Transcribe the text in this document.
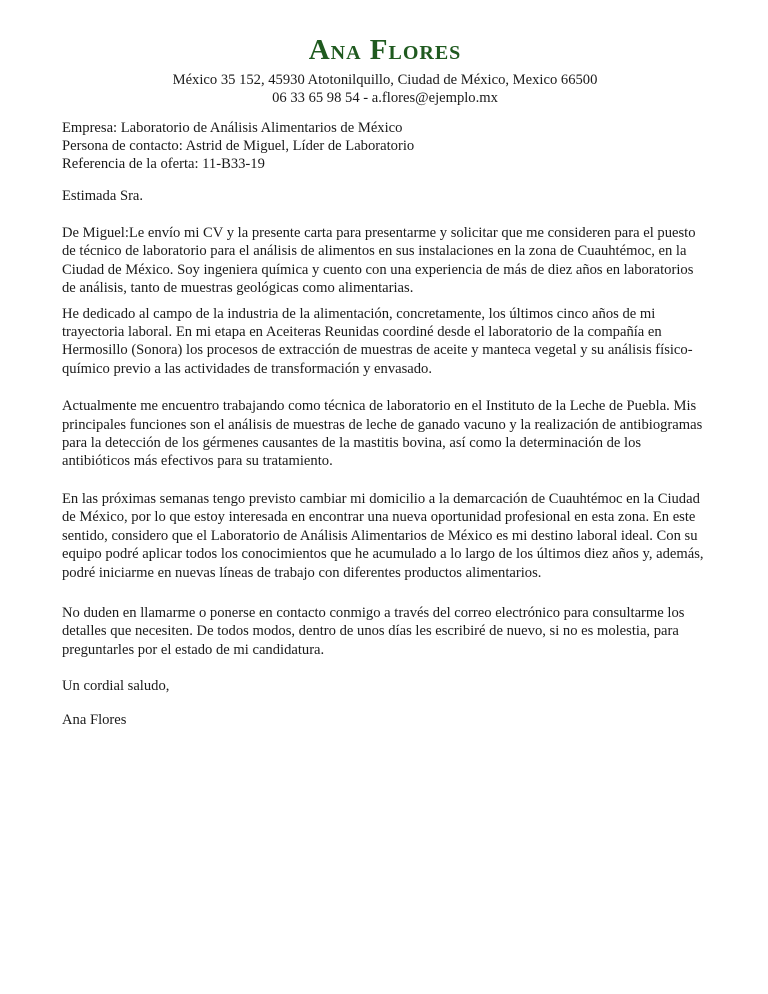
Ana Flores
México 35 152, 45930 Atotonilquillo, Ciudad de México, Mexico 66500
06 33 65 98 54 - a.flores@ejemplo.mx
Empresa: Laboratorio de Análisis Alimentarios de México
Persona de contacto: Astrid de Miguel, Líder de Laboratorio
Referencia de la oferta: 11-B33-19
Estimada Sra.

De Miguel:Le envío mi CV y la presente carta para presentarme y solicitar que me consideren para el puesto de técnico de laboratorio para el análisis de alimentos en sus instalaciones en la zona de Cuauhtémoc, en la Ciudad de México. Soy ingeniera química y cuento con una experiencia de más de diez años en laboratorios de análisis, tanto de muestras geológicas como alimentarias.

He dedicado al campo de la industria de la alimentación, concretamente, los últimos cinco años de mi trayectoria laboral. En mi etapa en Aceiteras Reunidas coordiné desde el laboratorio de la compañía en Hermosillo (Sonora) los procesos de extracción de muestras de aceite y manteca vegetal y su análisis físico-químico previo a las actividades de transformación y envasado.

Actualmente me encuentro trabajando como técnica de laboratorio en el Instituto de la Leche de Puebla. Mis principales funciones son el análisis de muestras de leche de ganado vacuno y la realización de antibiogramas para la detección de los gérmenes causantes de la mastitis bovina, así como la determinación de los antibióticos más efectivos para su tratamiento.

En las próximas semanas tengo previsto cambiar mi domicilio a la demarcación de Cuauhtémoc en la Ciudad de México, por lo que estoy interesada en encontrar una nueva oportunidad profesional en esta zona. En este sentido, considero que el Laboratorio de Análisis Alimentarios de México es mi destino laboral ideal. Con su equipo podré aplicar todos los conocimientos que he acumulado a lo largo de los últimos diez años y, además, podré iniciarme en nuevas líneas de trabajo con diferentes productos alimentarios.

No duden en llamarme o ponerse en contacto conmigo a través del correo electrónico para consultarme los detalles que necesiten. De todos modos, dentro de unos días les escribiré de nuevo, si no es molestia, para preguntarles por el estado de mi candidatura.

Un cordial saludo,
Ana Flores
